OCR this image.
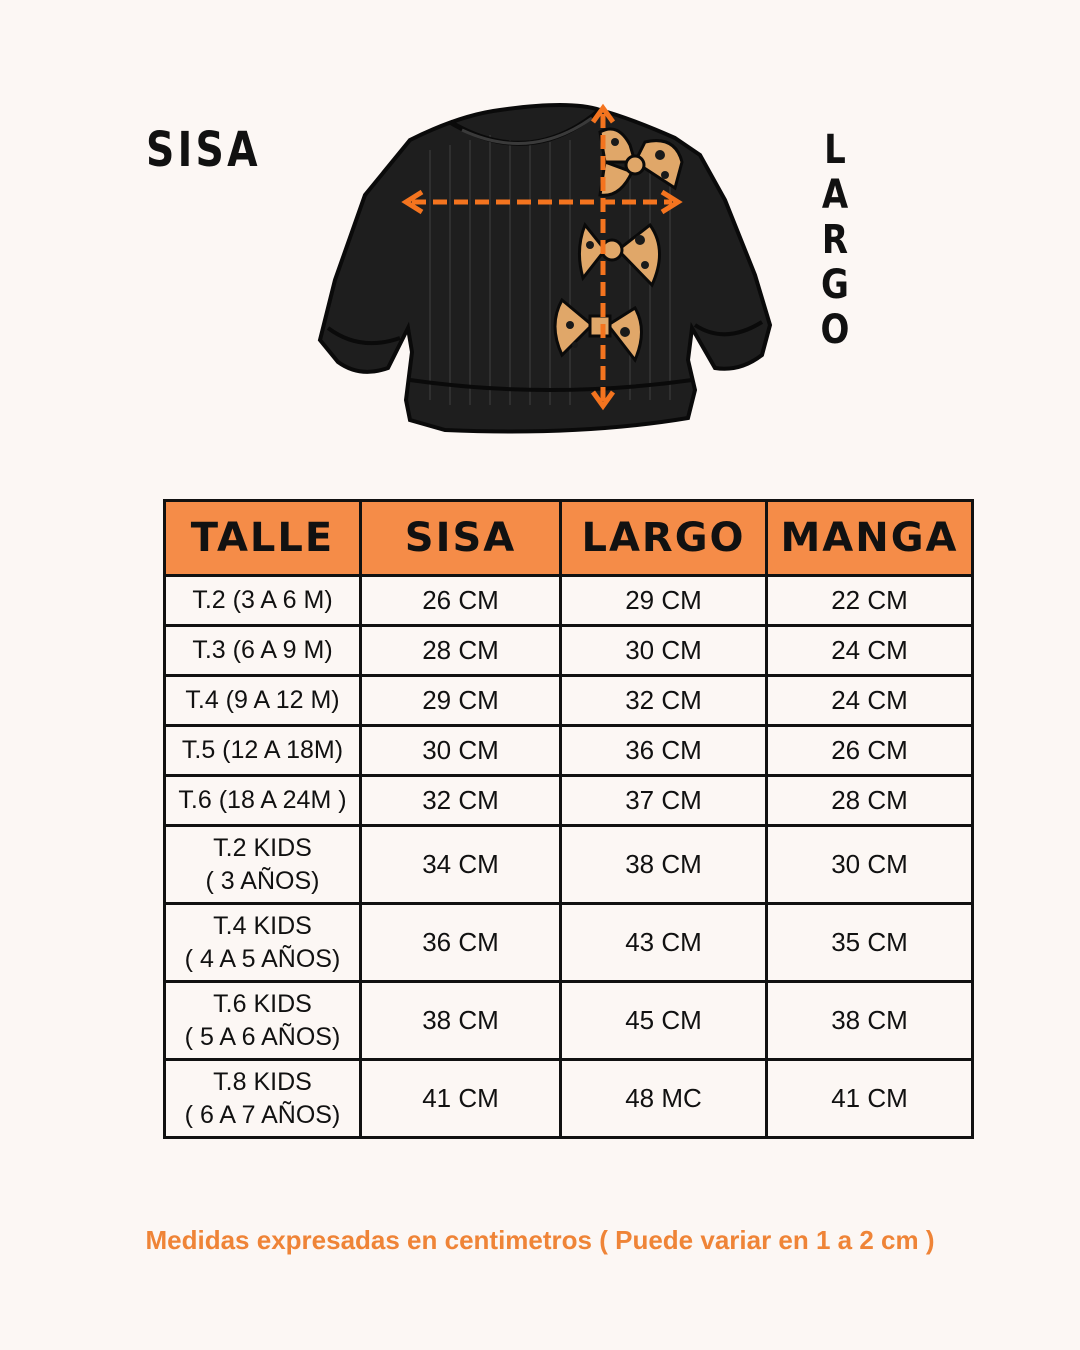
SISA	LARGO
TALLE	SISA	LARGO	MANGA

T.2 (3 A 6 M)	26 CM	29 CM	22 CM

T.3 (6 A 9 M)	28 CM	30 CM	24 CM

T.4 (9 A 12 M)	29 CM	32 CM	24 CM

T.5 (12 A 18M)	30 CM	36 CM	26 CM

T.6 (18 A 24M )	32 CM	37 CM	28 CM

T.2 KIDS
( 3 AÑOS)	34 CM	38 CM	30 CM

T.4 KIDS
( 4 A 5 AÑOS)	36 CM	43 CM	35 CM

T.6 KIDS
( 5 A 6 AÑOS)	38 CM	45 CM	38 CM

T.8 KIDS
( 6 A 7 AÑOS)	41 CM	48 MC	41 CM
Medidas expresadas en centimetros ( Puede variar en 1 a 2 cm )
